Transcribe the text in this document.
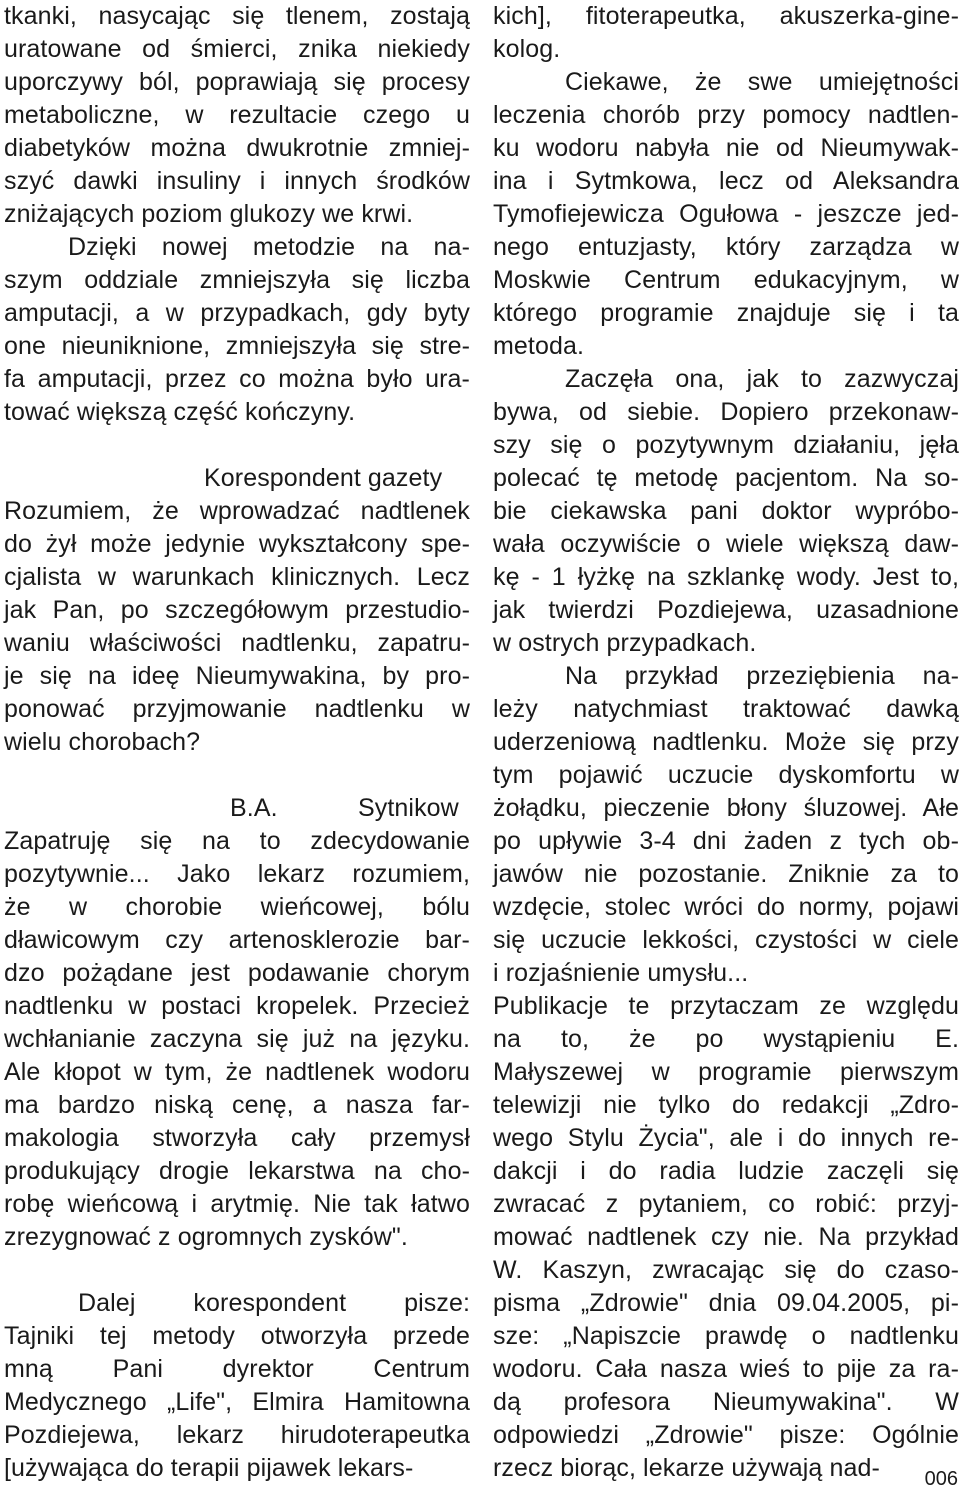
tkanki, nasycając się tlenem, zostają
uratowane od śmierci, znika niekiedy
uporczywy ból, poprawiają się procesy
metaboliczne, w rezultacie czego u
diabetyków można dwukrotnie zmniej-
szyć dawki insuliny i innych środków
zniżających poziom glukozy we krwi.
Dzięki nowej metodzie na na-
szym oddziale zmniejszyła się liczba
amputacji, a w przypadkach, gdy byty
one nieuniknione, zmniejszyła się stre-
fa amputacji, przez co można było ura-
tować większą część kończyny.
Korespondent gazety
Rozumiem, że wprowadzać nadtlenek
do żył może jedynie wykształcony spe-
cjalista w warunkach klinicznych. Lecz
jak Pan, po szczegółowym przestudio-
waniu właściwości nadtlenku, zapatru-
je się na ideę Nieumywakina, by pro-
ponować przyjmowanie nadtlenku w
wielu chorobach?
B.A.	Sytnikow
Zapatruję się na to zdecydowanie
pozytywnie... Jako lekarz rozumiem,
że w chorobie wieńcowej, bólu
dławicowym czy artenosklerozie bar-
dzo pożądane jest podawanie chorym
nadtlenku w postaci kropelek. Przecież
wchłanianie zaczyna się już na języku.
Ale kłopot w tym, że nadtlenek wodoru
ma bardzo niską cenę, a nasza far-
makologia stworzyła cały przemysł
produkujący drogie lekarstwa na cho-
robę wieńcową i arytmię. Nie tak łatwo
zrezygnować z ogromnych zysków".
Dalej korespondent pisze:
Tajniki tej metody otworzyła przede
mną Pani dyrektor Centrum
Medycznego „Life", Elmira Hamitowna
Pozdiejewa, lekarz hirudoterapeutka
[używająca do terapii pijawek lekars-
kich], fitoterapeutka, akuszerka-gine-
kolog.
Ciekawe, że swe umiejętności
leczenia chorób przy pomocy nadtlen-
ku wodoru nabyła nie od Nieumywak-
ina i Sytmkowa, lecz od Aleksandra
Tymofiejewicza Ogułowa - jeszcze jed-
nego entuzjasty, który zarządza w
Moskwie Centrum edukacyjnym, w
którego programie znajduje się i ta
metoda.
Zaczęła ona, jak to zazwyczaj
bywa, od siebie. Dopiero przekonaw-
szy się o pozytywnym działaniu, jęła
polecać tę metodę pacjentom. Na so-
bie ciekawska pani doktor wypróbo-
wała oczywiście o wiele większą daw-
kę - 1 łyżkę na szklankę wody. Jest to,
jak twierdzi Pozdiejewa, uzasadnione
w ostrych przypadkach.
Na przykład przeziębienia na-
leży natychmiast traktować dawką
uderzeniową nadtlenku. Może się przy
tym pojawić uczucie dyskomfortu w
żołądku, pieczenie błony śluzowej. Ałe
po upływie 3-4 dni żaden z tych ob-
jawów nie pozostanie. Zniknie za to
wzdęcie, stolec wróci do normy, pojawi
się uczucie lekkości, czystości w ciele
i rozjaśnienie umysłu...
Publikacje te przytaczam ze względu
na to, że po wystąpieniu E.
Małyszewej w programie pierwszym
telewizji nie tylko do redakcji „Zdro-
wego Stylu Życia", ale i do innych re-
dakcji i do radia ludzie zaczęli się
zwracać z pytaniem, co robić: przyj-
mować nadtlenek czy nie. Na przykład
W. Kaszyn, zwracając się do czaso-
pisma „Zdrowie" dnia 09.04.2005, pi-
sze: „Napiszcie prawdę o nadtlenku
wodoru. Cała nasza wieś to pije za ra-
dą profesora Nieumywakina". W
odpowiedzi „Zdrowie" pisze: Ogólnie
rzecz biorąc, lekarze używają nad-	006
